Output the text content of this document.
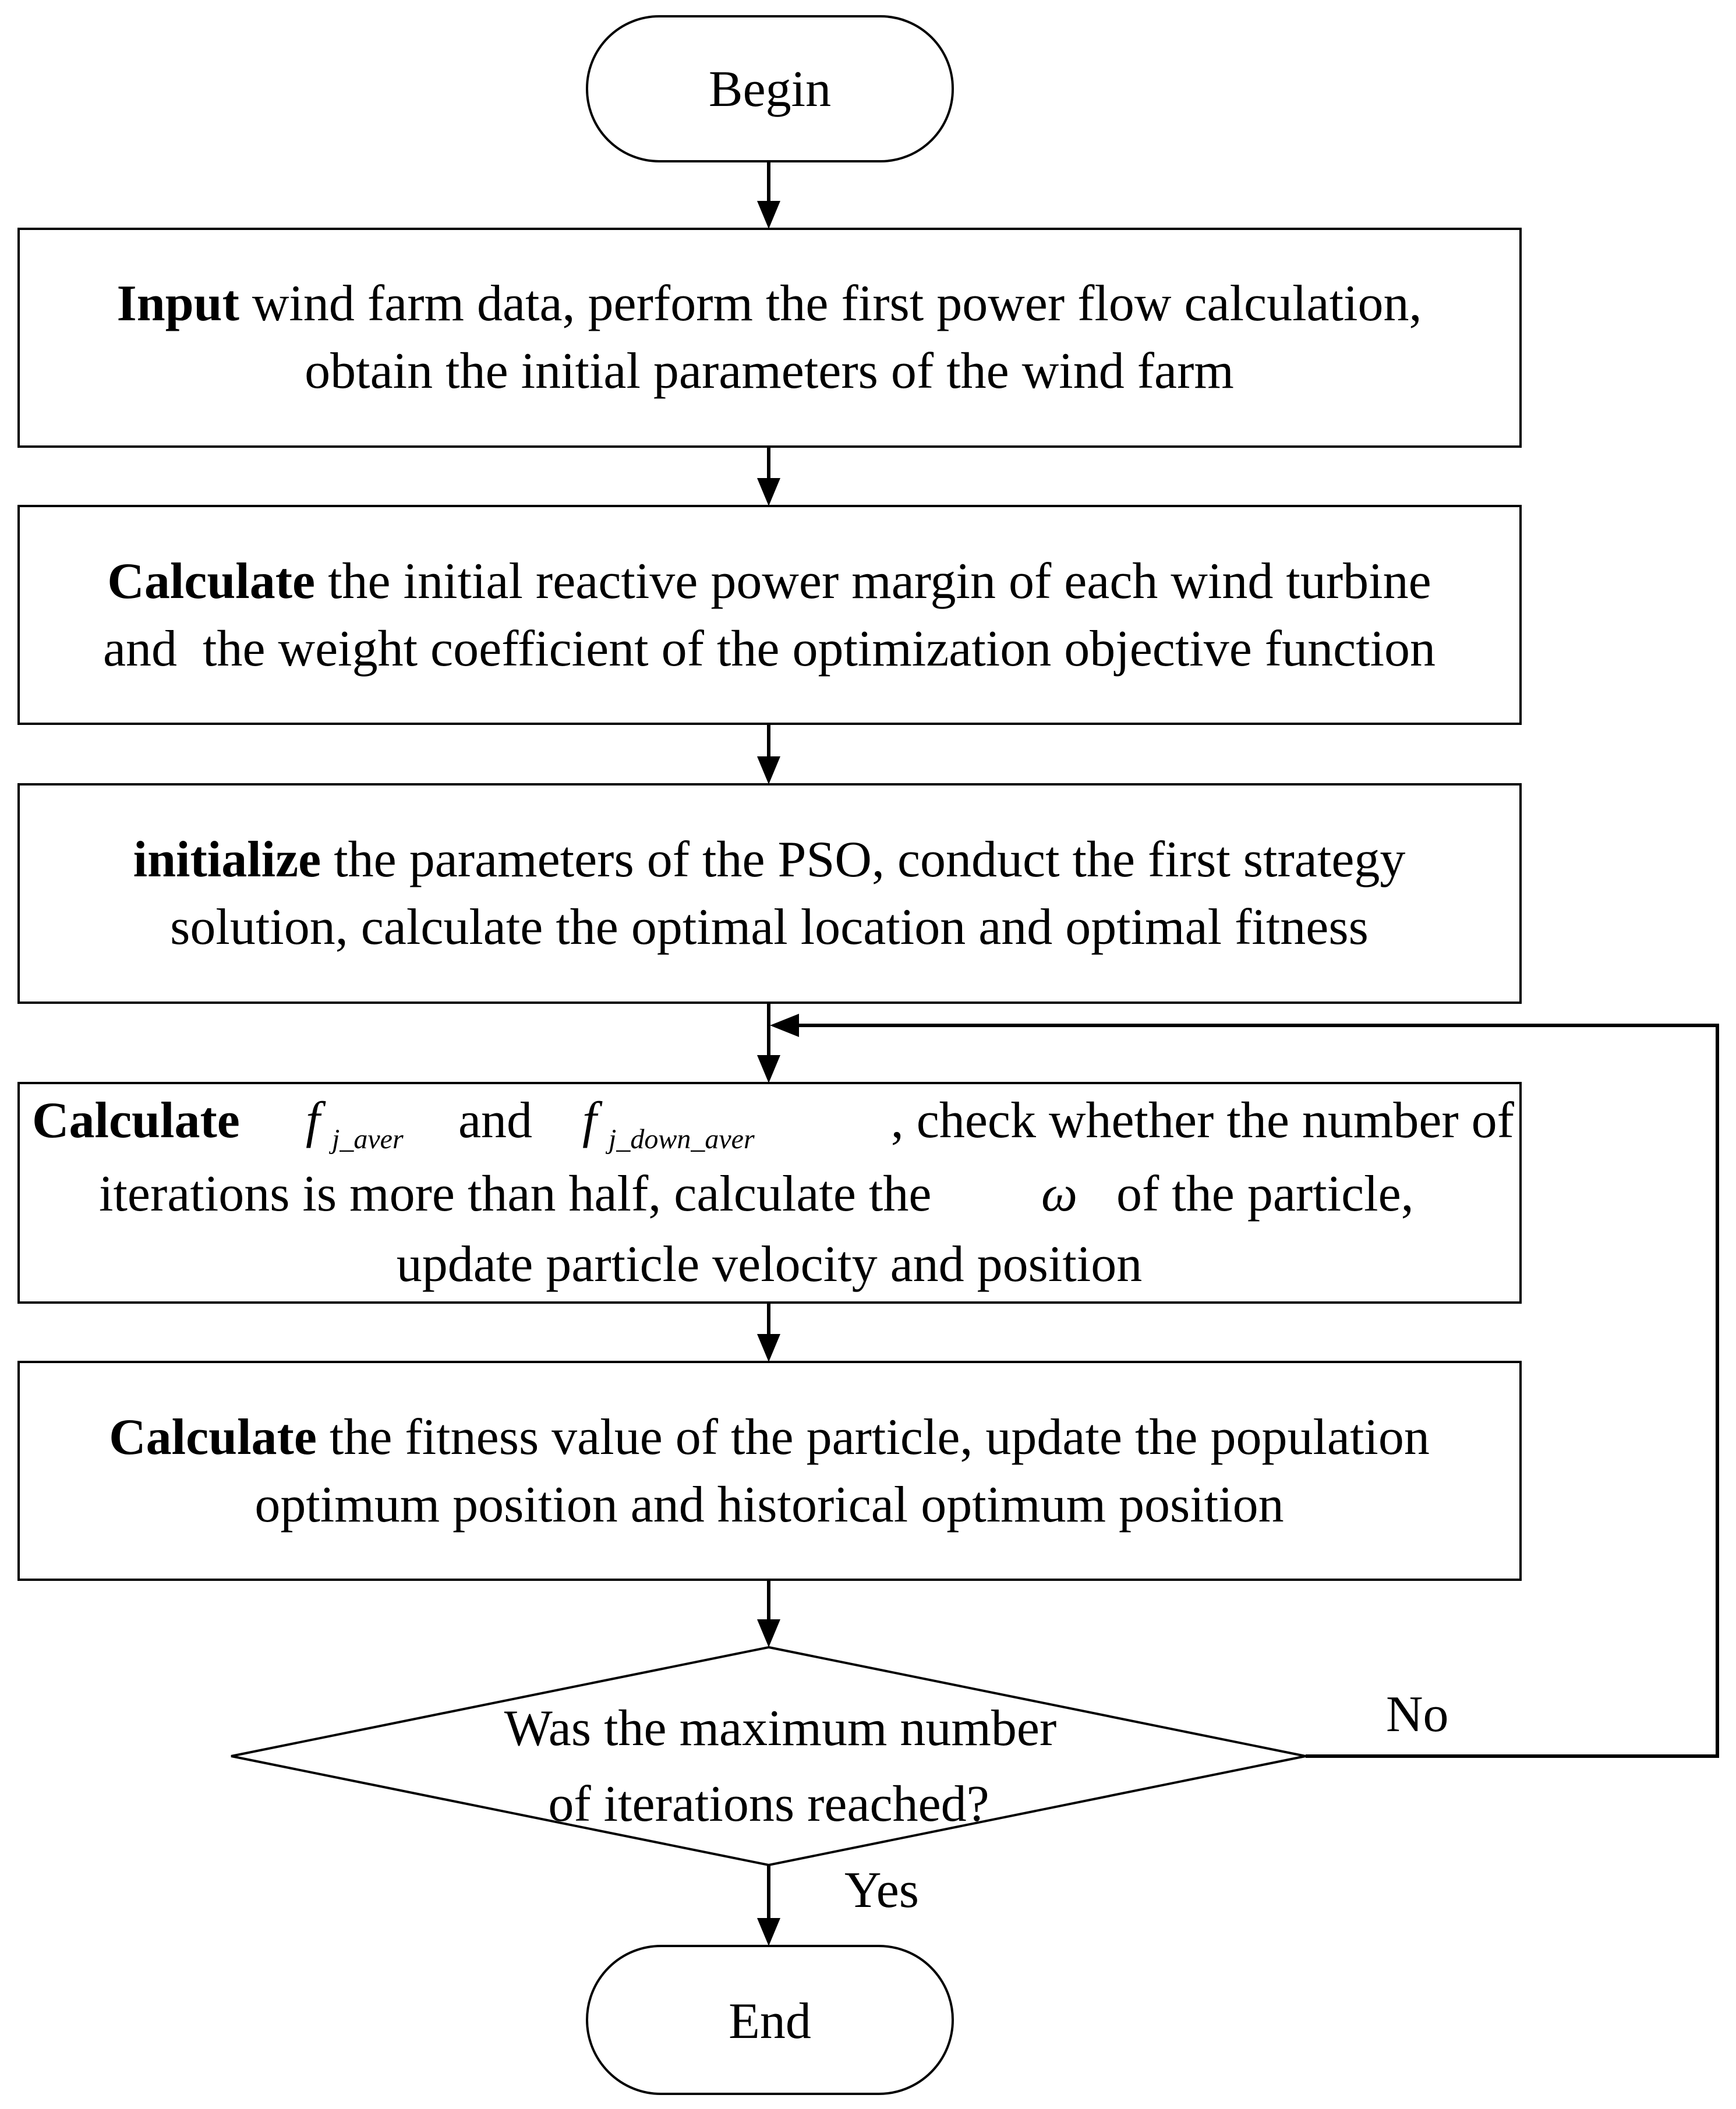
Begin
Input wind farm data, perform the first power flow calculation,
obtain the initial parameters of the wind farm
Calculate the initial reactive power margin of each wind turbine
and  the weight coefficient of the optimization objective function
initialize the parameters of the PSO, conduct the first strategy
solution, calculate the optimal location and optimal fitness
Calculate f j_aver and f j_down_aver	, check whether the number of
iterations is more than half, calculate the ω of the particle,
update particle velocity and position
Calculate the fitness value of the particle, update the population
optimum position and historical optimum position
Was the maximum number
of iterations reached?
No
Yes
End
